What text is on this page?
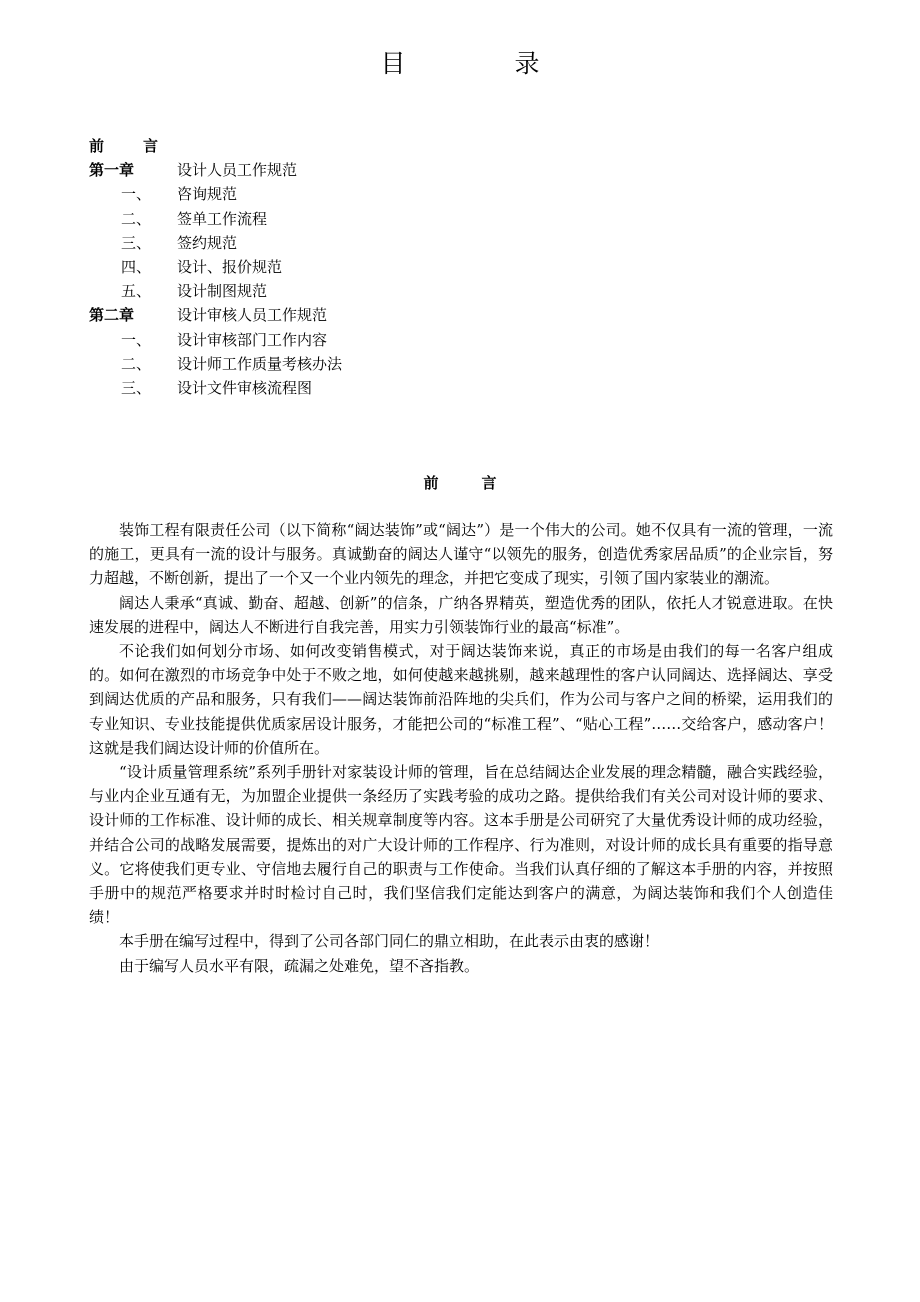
目　录
前　言
第一章	设计人员工作规范
一、 咨询规范
二、 签单工作流程
三、 签约规范
四、 设计、报价规范
五、 设计制图规范
第二章	设计审核人员工作规范
一、 设计审核部门工作内容
二、 设计师工作质量考核办法
三、 设计文件审核流程图
前　言

装饰工程有限责任公司（以下简称“阔达装饰”或“阔达”）是一个伟大的公司。她不仅具有一流的管理，一流的施工，更具有一流的设计与服务。真诚勤奋的阔达人谨守“以领先的服务，创造优秀家居品质”的企业宗旨，努力超越，不断创新，提出了一个又一个业内领先的理念，并把它变成了现实，引领了国内家装业的潮流。

阔达人秉承“真诚、勤奋、超越、创新”的信条，广纳各界精英，塑造优秀的团队，依托人才锐意进取。在快速发展的进程中，阔达人不断进行自我完善，用实力引领装饰行业的最高“标准”。

不论我们如何划分市场、如何改变销售模式，对于阔达装饰来说，真正的市场是由我们的每一名客户组成的。如何在激烈的市场竞争中处于不败之地，如何使越来越挑剔，越来越理性的客户认同阔达、选择阔达、享受到阔达优质的产品和服务，只有我们——阔达装饰前沿阵地的尖兵们，作为公司与客户之间的桥梁，运用我们的专业知识、专业技能提供优质家居设计服务，才能把公司的“标准工程”、“贴心工程”……交给客户，感动客户！这就是我们阔达设计师的价值所在。

“设计质量管理系统”系列手册针对家装设计师的管理，旨在总结阔达企业发展的理念精髓，融合实践经验，与业内企业互通有无，为加盟企业提供一条经历了实践考验的成功之路。提供给我们有关公司对设计师的要求、设计师的工作标准、设计师的成长、相关规章制度等内容。这本手册是公司研究了大量优秀设计师的成功经验，并结合公司的战略发展需要，提炼出的对广大设计师的工作程序、行为准则，对设计师的成长具有重要的指导意义。它将使我们更专业、守信地去履行自己的职责与工作使命。当我们认真仔细的了解这本手册的内容，并按照手册中的规范严格要求并时时检讨自己时，我们坚信我们定能达到客户的满意，为阔达装饰和我们个人创造佳绩！

本手册在编写过程中，得到了公司各部门同仁的鼎立相助，在此表示由衷的感谢！

由于编写人员水平有限，疏漏之处难免，望不吝指教。
